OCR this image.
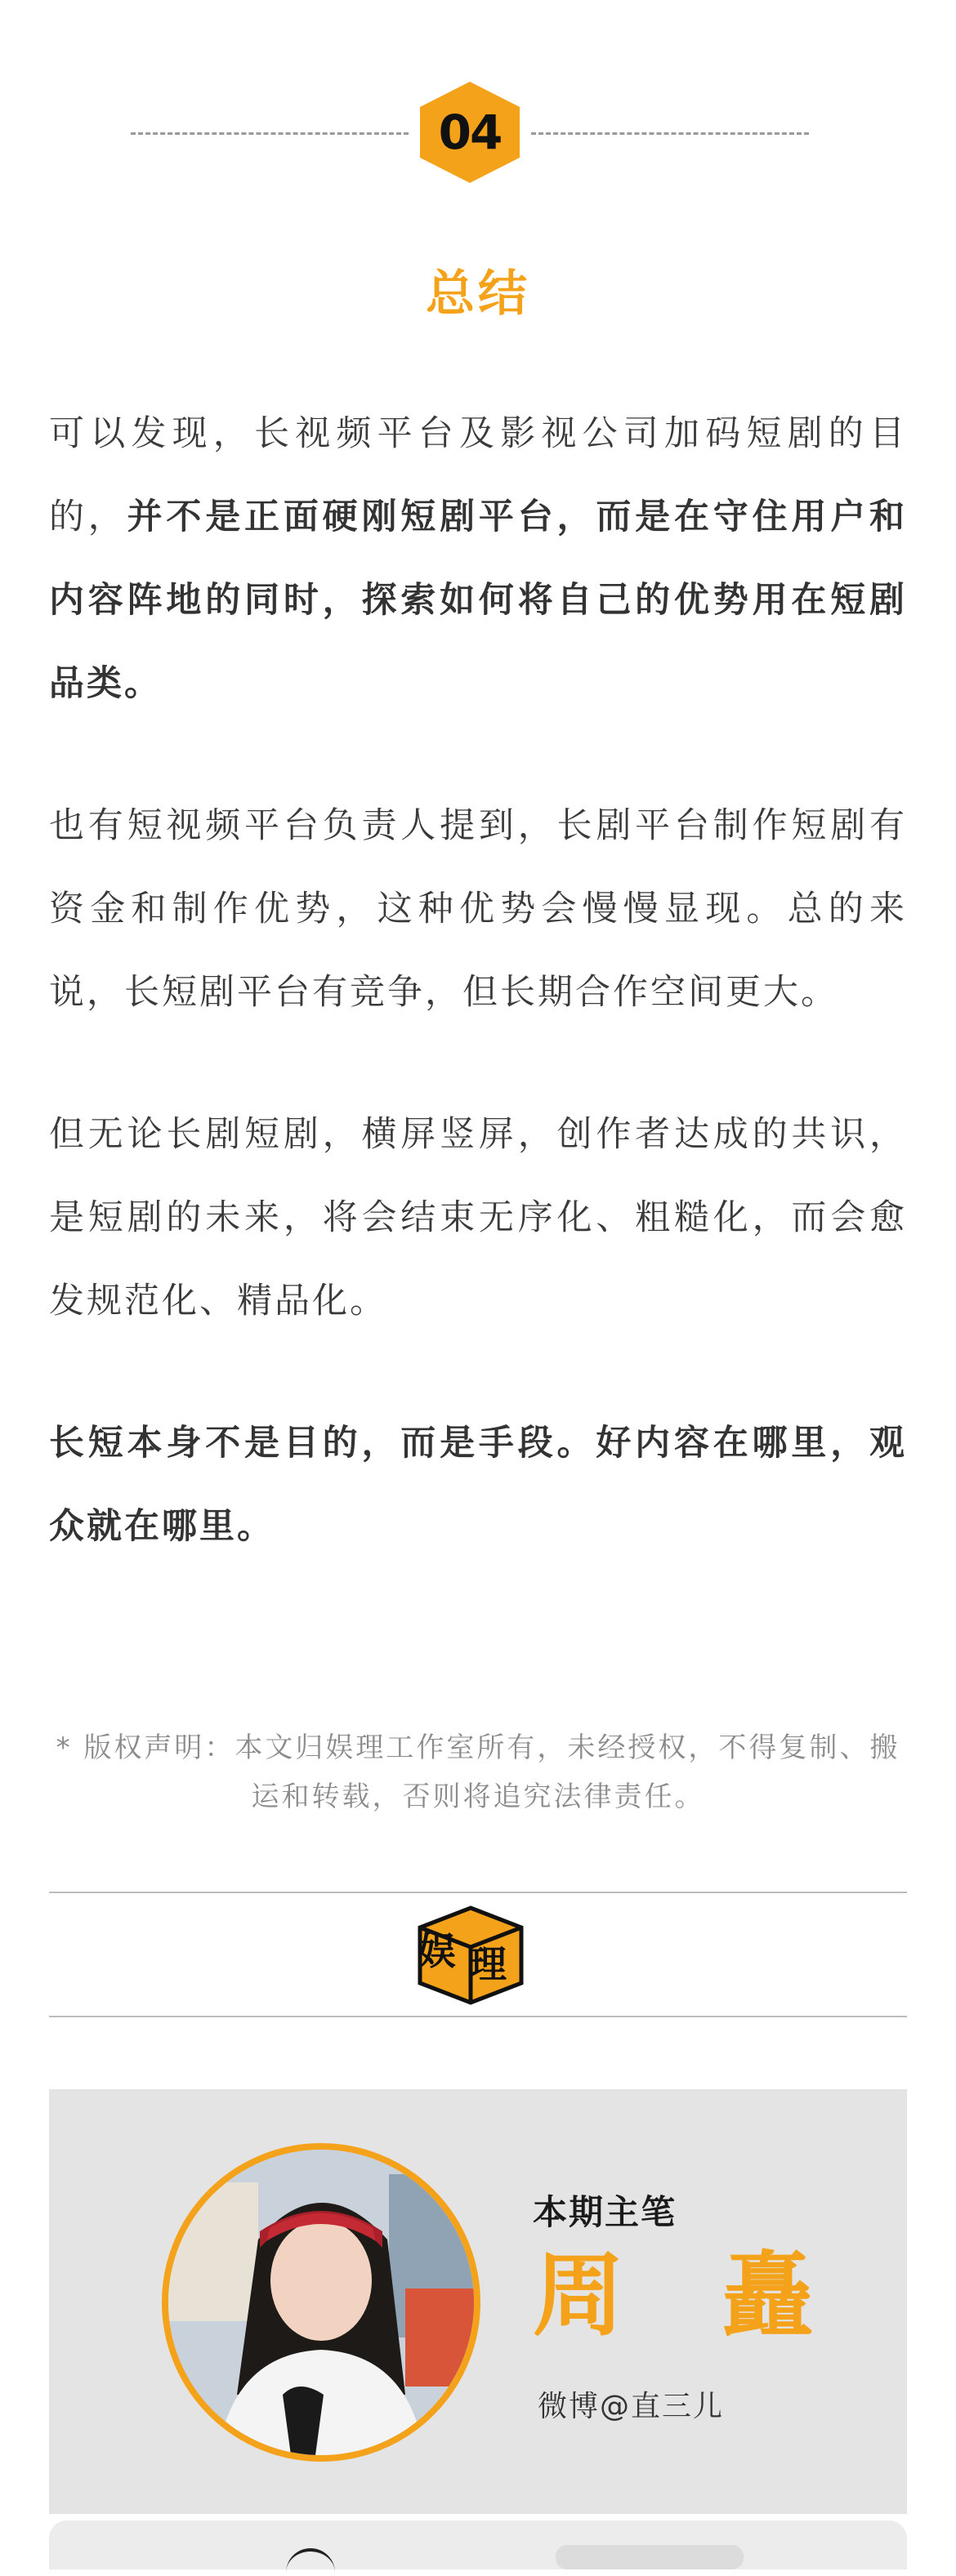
04
总结

可以发现，长视频平台及影视公司加码短剧的目的，并不是正面硬刚短剧平台，而是在守住用户和内容阵地的同时，探索如何将自己的优势用在短剧品类。

也有短视频平台负责人提到，长剧平台制作短剧有资金和制作优势，这种优势会慢慢显现。总的来说，长短剧平台有竞争，但长期合作空间更大。

但无论长剧短剧，横屏竖屏，创作者达成的共识，是短剧的未来，将会结束无序化、粗糙化，而会愈发规范化、精品化。

长短本身不是目的，而是手段。好内容在哪里，观众就在哪里。

* 版权声明：本文归娱理工作室所有，未经授权，不得复制、搬运和转载，否则将追究法律责任。
娱 理
本期主笔
周 矗
微博@直三儿
